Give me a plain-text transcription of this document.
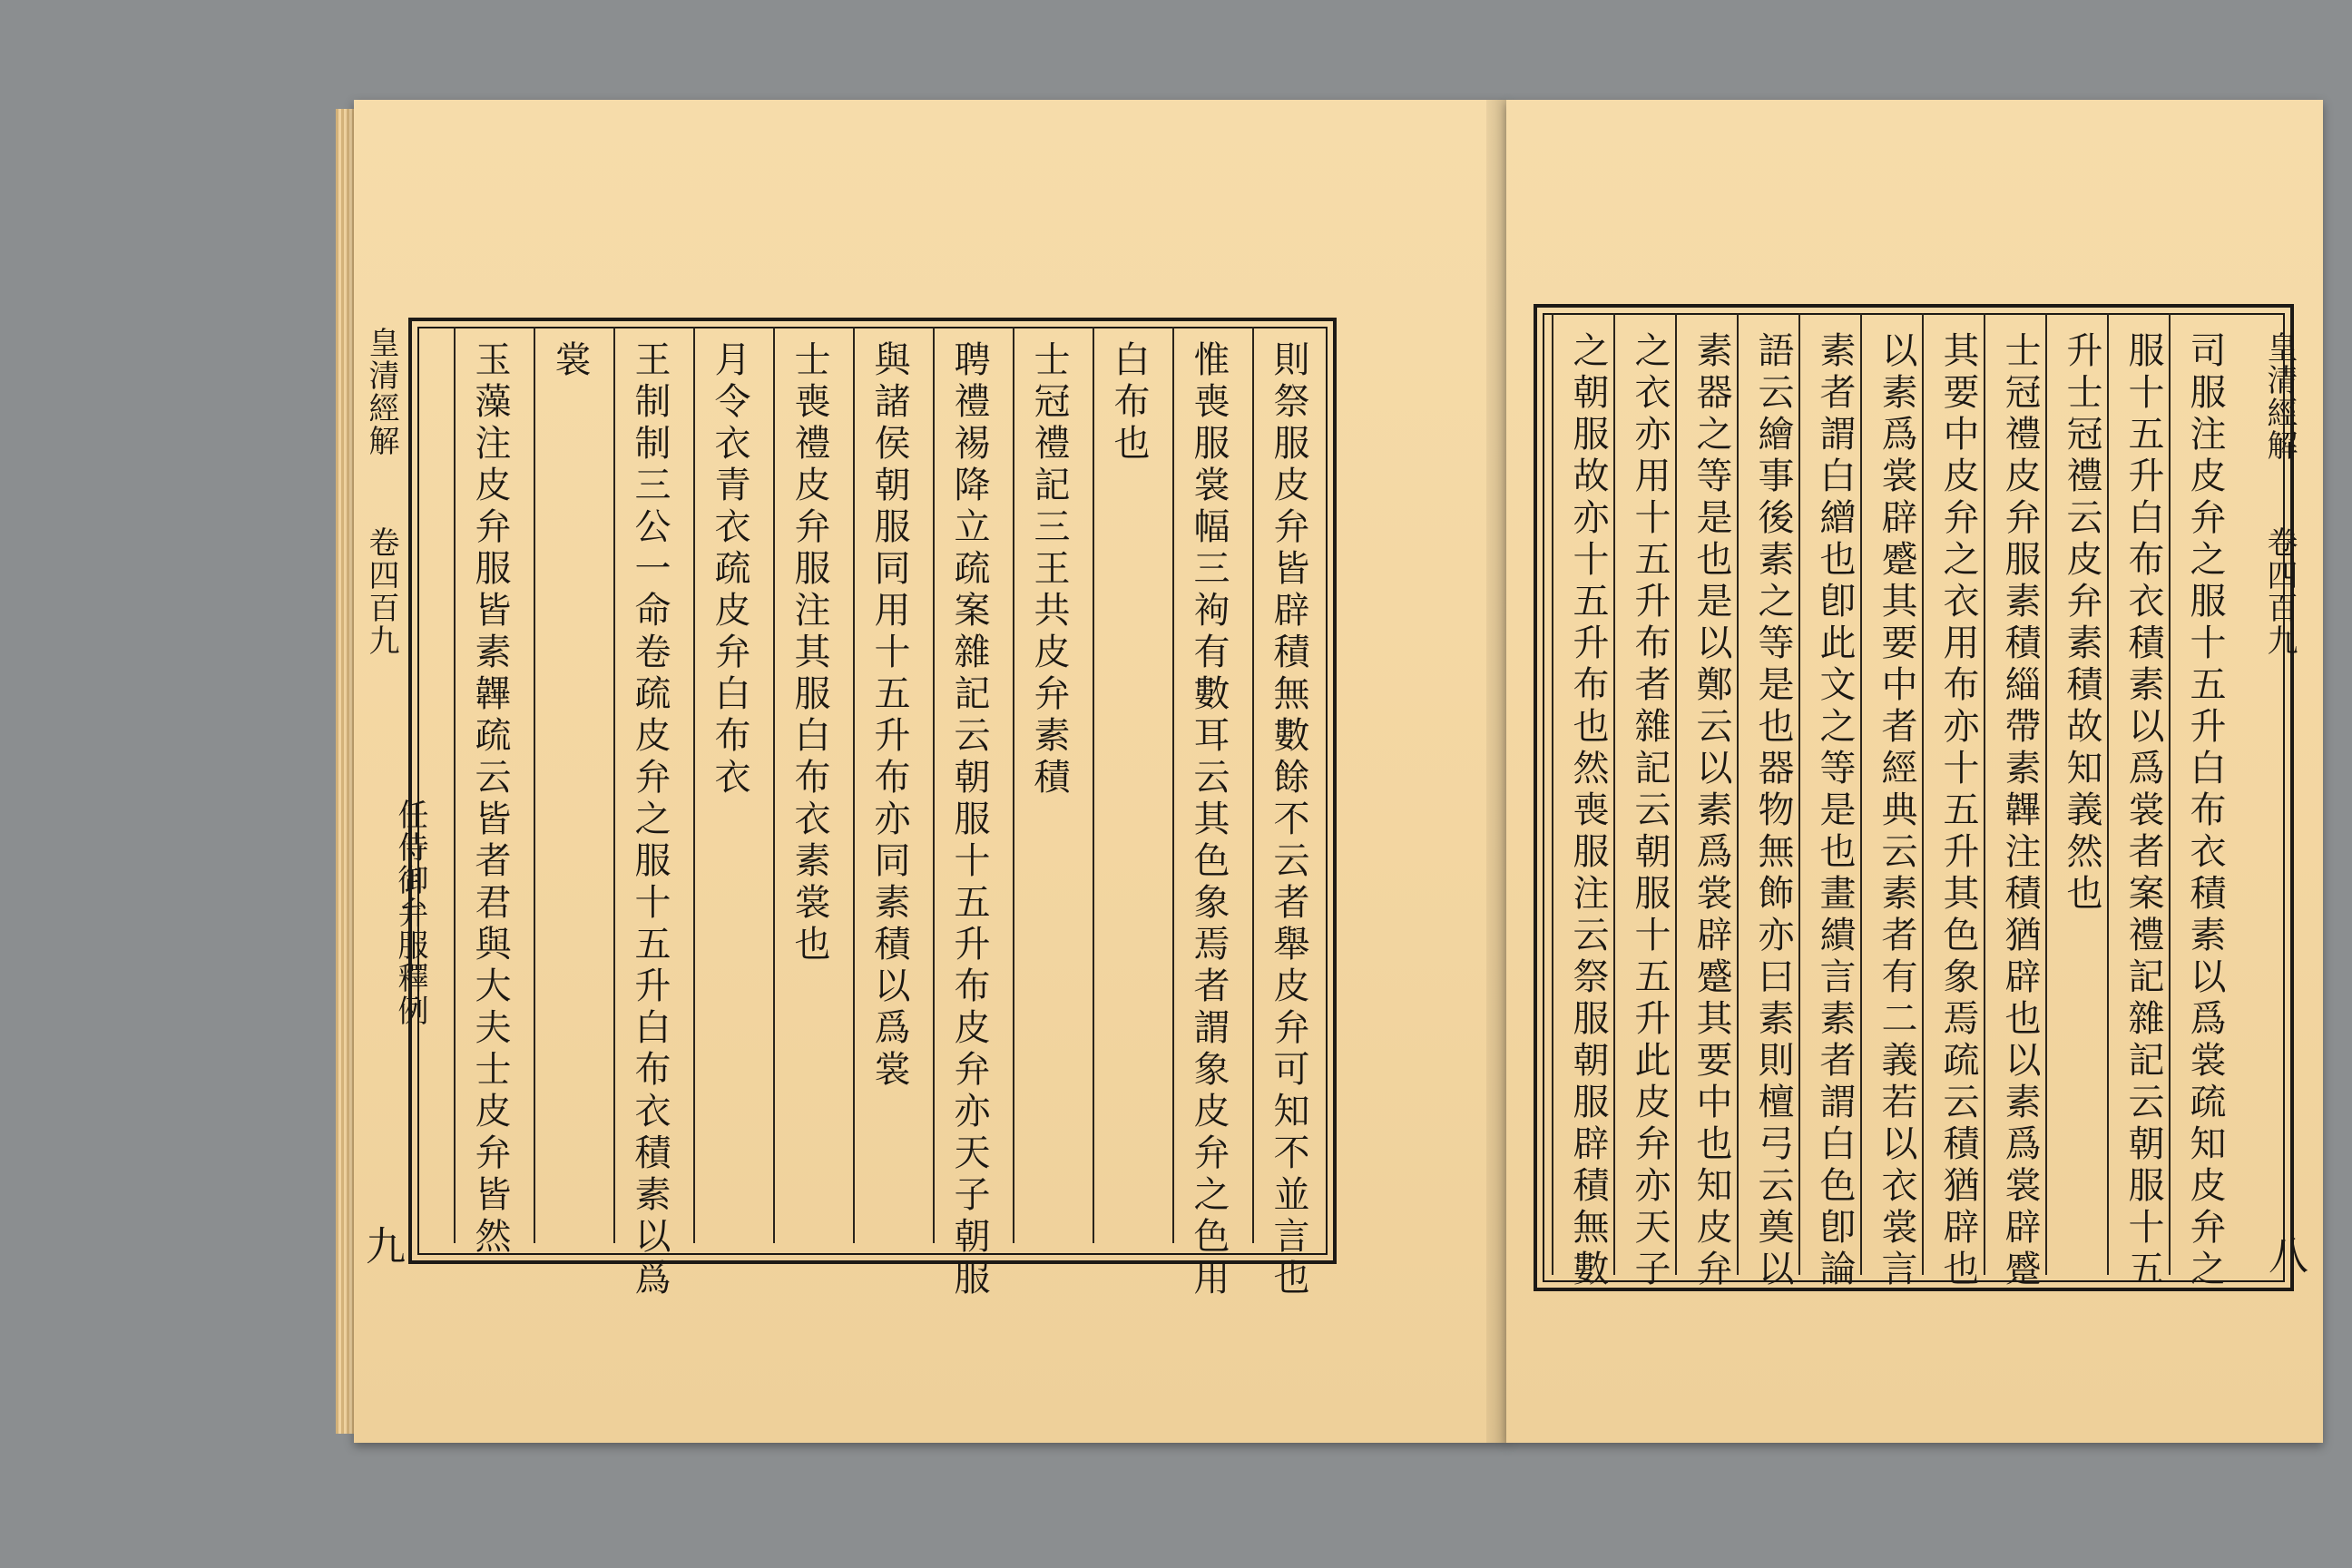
皇清經解
卷四百九
任侍御弁服釋例
九	則祭服皮弁皆辟積無數餘不云者舉皮弁可知不並言也
惟喪服裳幅三袧有數耳云其色象焉者謂象皮弁之色用
白布也
士冠禮記三王共皮弁素積
聘禮裼降立疏案雜記云朝服十五升布皮弁亦天子朝服
與諸侯朝服同用十五升布亦同素積以爲裳
士喪禮皮弁服注其服白布衣素裳也
月令衣青衣疏皮弁白布衣
王制制三公一命卷疏皮弁之服十五升白布衣積素以爲
裳
玉藻注皮弁服皆素韠疏云皆者君與大夫士皮弁皆然	皇清經解
卷四百九
八
司服注皮弁之服十五升白布衣積素以爲裳疏知皮弁之
服十五升白布衣積素以爲裳者案禮記雜記云朝服十五
升士冠禮云皮弁素積故知義然也
士冠禮皮弁服素積緇帶素韠注積猶辟也以素爲裳辟蹙
其要中皮弁之衣用布亦十五升其色象焉疏云積猶辟也
以素爲裳辟蹙其要中者經典云素者有二義若以衣裳言
素者謂白繒也卽此文之等是也畫繢言素者謂白色卽論
語云繪事後素之等是也器物無飾亦曰素則檀弓云奠以
素器之等是也是以鄭云以素爲裳辟蹙其要中也知皮弁
之衣亦用十五升布者雜記云朝服十五升此皮弁亦天子
之朝服故亦十五升布也然喪服注云祭服朝服辟積無數
